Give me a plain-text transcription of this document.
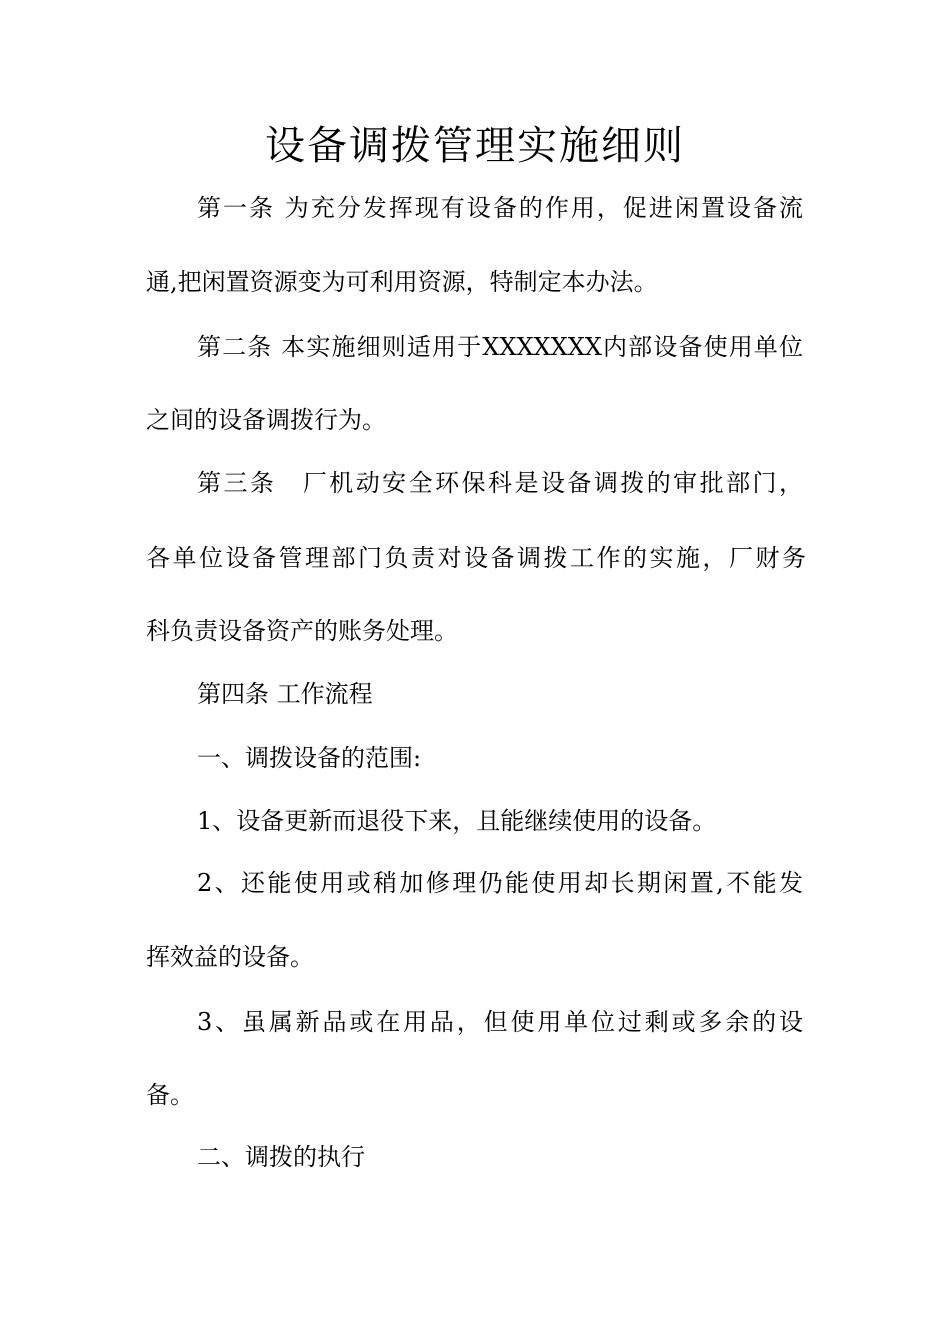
设备调拨管理实施细则
第一条 为充分发挥现有设备的作用，促进闲置设备流
通,把闲置资源变为可利用资源，特制定本办法。
第二条 本实施细则适用于XXXXXXX内部设备使用单位
之间的设备调拨行为。
第三条　厂机动安全环保科是设备调拨的审批部门，
各单位设备管理部门负责对设备调拨工作的实施，厂财务
科负责设备资产的账务处理。
第四条 工作流程
一、调拨设备的范围:
1、设备更新而退役下来，且能继续使用的设备。
2、还能使用或稍加修理仍能使用却长期闲置,不能发
挥效益的设备。
3、虽属新品或在用品，但使用单位过剩或多余的设
备。
二、调拨的执行
